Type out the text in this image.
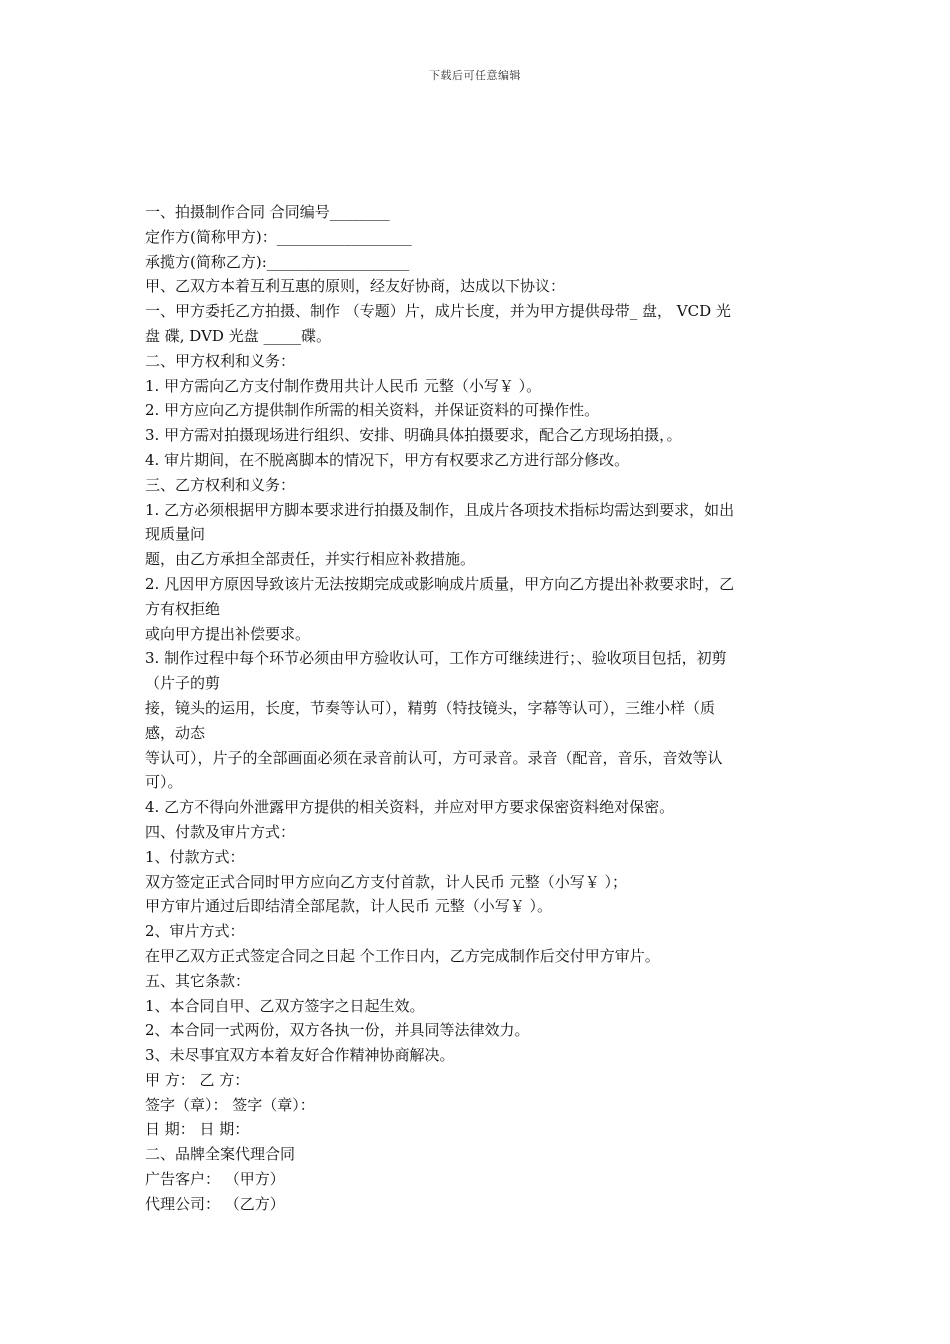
下载后可任意编辑
一、拍摄制作合同 合同编号________
定作方(简称甲方)：__________________
承揽方(简称乙方):___________________
甲、乙双方本着互利互惠的原则，经友好协商，达成以下协议：
一、甲方委托乙方拍摄、制作 （专题）片，成片长度，并为甲方提供母带_ 盘， VCD 光
盘 碟, DVD 光盘 _____碟。
二、甲方权利和义务：
1. 甲方需向乙方支付制作费用共计人民币 元整（小写￥ ）。
2. 甲方应向乙方提供制作所需的相关资料，并保证资料的可操作性。
3. 甲方需对拍摄现场进行组织、安排、明确具体拍摄要求，配合乙方现场拍摄，。
4. 审片期间，在不脱离脚本的情况下，甲方有权要求乙方进行部分修改。
三、乙方权利和义务：
1. 乙方必须根据甲方脚本要求进行拍摄及制作，且成片各项技术指标均需达到要求，如出
现质量问
题，由乙方承担全部责任，并实行相应补救措施。
2. 凡因甲方原因导致该片无法按期完成或影响成片质量，甲方向乙方提出补救要求时，乙
方有权拒绝
或向甲方提出补偿要求。
3. 制作过程中每个环节必须由甲方验收认可，工作方可继续进行；、验收项目包括，初剪
（片子的剪
接，镜头的运用，长度，节奏等认可），精剪（特技镜头，字幕等认可），三维小样（质
感，动态
等认可），片子的全部画面必须在录音前认可，方可录音。录音（配音，音乐，音效等认
可）。
4. 乙方不得向外泄露甲方提供的相关资料，并应对甲方要求保密资料绝对保密。
四、付款及审片方式：
1、付款方式：
双方签定正式合同时甲方应向乙方支付首款，计人民币 元整（小写￥ ）；
甲方审片通过后即结清全部尾款，计人民币 元整（小写￥ ）。
2、审片方式：
在甲乙双方正式签定合同之日起 个工作日内，乙方完成制作后交付甲方审片。
五、其它条款：
1、本合同自甲、乙双方签字之日起生效。
2、本合同一式两份，双方各执一份，并具同等法律效力。
3、未尽事宜双方本着友好合作精神协商解决。
甲 方： 乙 方：
签字（章）： 签字（章）：
日 期： 日 期：
二、品牌全案代理合同
广告客户： （甲方）
代理公司： （乙方）
